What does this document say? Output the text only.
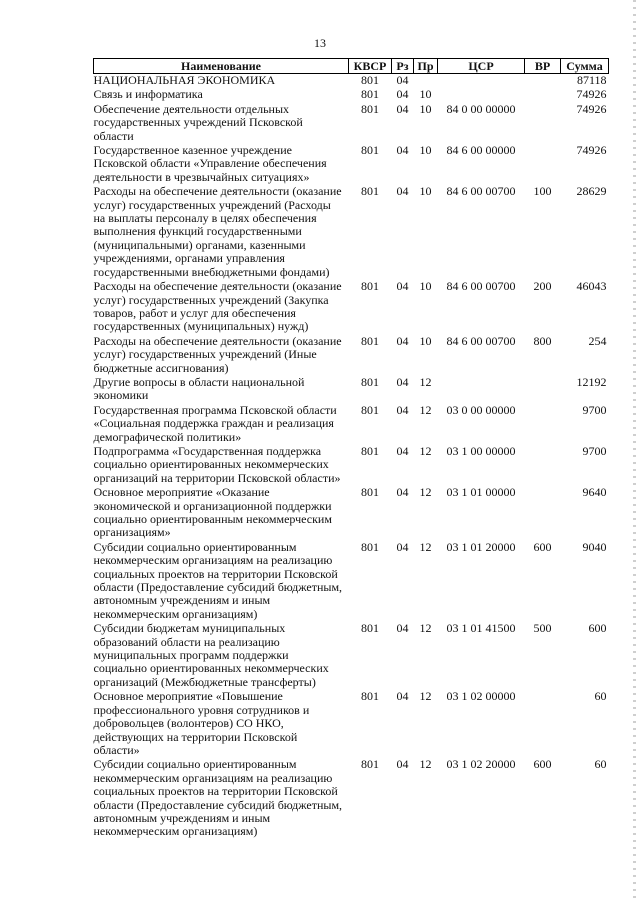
13
Наименование	КВСР	Рз	Пр	ЦСР	ВР	Сумма
НАЦИОНАЛЬНАЯ ЭКОНОМИКА	801	04				87118
Связь и информатика	801	04	10			74926
Обеспечение деятельности отдельных государственных учреждений Псковской области	801	04	10	84 0 00 00000		74926
Государственное казенное учреждение Псковской области «Управление обеспечения деятельности в чрезвычайных ситуациях»	801	04	10	84 6 00 00000		74926
Расходы на обеспечение деятельности (оказание услуг) государственных учреждений (Расходы на выплаты персоналу в целях обеспечения выполнения функций государственными (муниципальными) органами, казенными учреждениями, органами управления государственными внебюджетными фондами)	801	04	10	84 6 00 00700	100	28629
Расходы на обеспечение деятельности (оказание услуг) государственных учреждений (Закупка товаров, работ и услуг для обеспечения государственных (муниципальных) нужд)	801	04	10	84 6 00 00700	200	46043
Расходы на обеспечение деятельности (оказание услуг) государственных учреждений (Иные бюджетные ассигнования)	801	04	10	84 6 00 00700	800	254
Другие вопросы в области национальной экономики	801	04	12			12192
Государственная программа Псковской области «Социальная поддержка граждан и реализация демографической политики»	801	04	12	03 0 00 00000		9700
Подпрограмма «Государственная поддержка социально ориентированных некоммерческих организаций на территории Псковской области»	801	04	12	03 1 00 00000		9700
Основное мероприятие «Оказание экономической и организационной поддержки социально ориентированным некоммерческим организациям»	801	04	12	03 1 01 00000		9640
Субсидии социально ориентированным некоммерческим организациям на реализацию социальных проектов на территории Псковской области (Предоставление субсидий бюджетным, автономным учреждениям и иным некоммерческим организациям)	801	04	12	03 1 01 20000	600	9040
Субсидии бюджетам муниципальных образований области на реализацию муниципальных программ поддержки социально ориентированных некоммерческих организаций (Межбюджетные трансферты)	801	04	12	03 1 01 41500	500	600
Основное мероприятие «Повышение профессионального уровня сотрудников и добровольцев (волонтеров) СО НКО, действующих на территории Псковской области»	801	04	12	03 1 02 00000		60
Субсидии социально ориентированным некоммерческим организациям на реализацию социальных проектов на территории Псковской области (Предоставление субсидий бюджетным, автономным учреждениям и иным некоммерческим организациям)	801	04	12	03 1 02 20000	600	60
